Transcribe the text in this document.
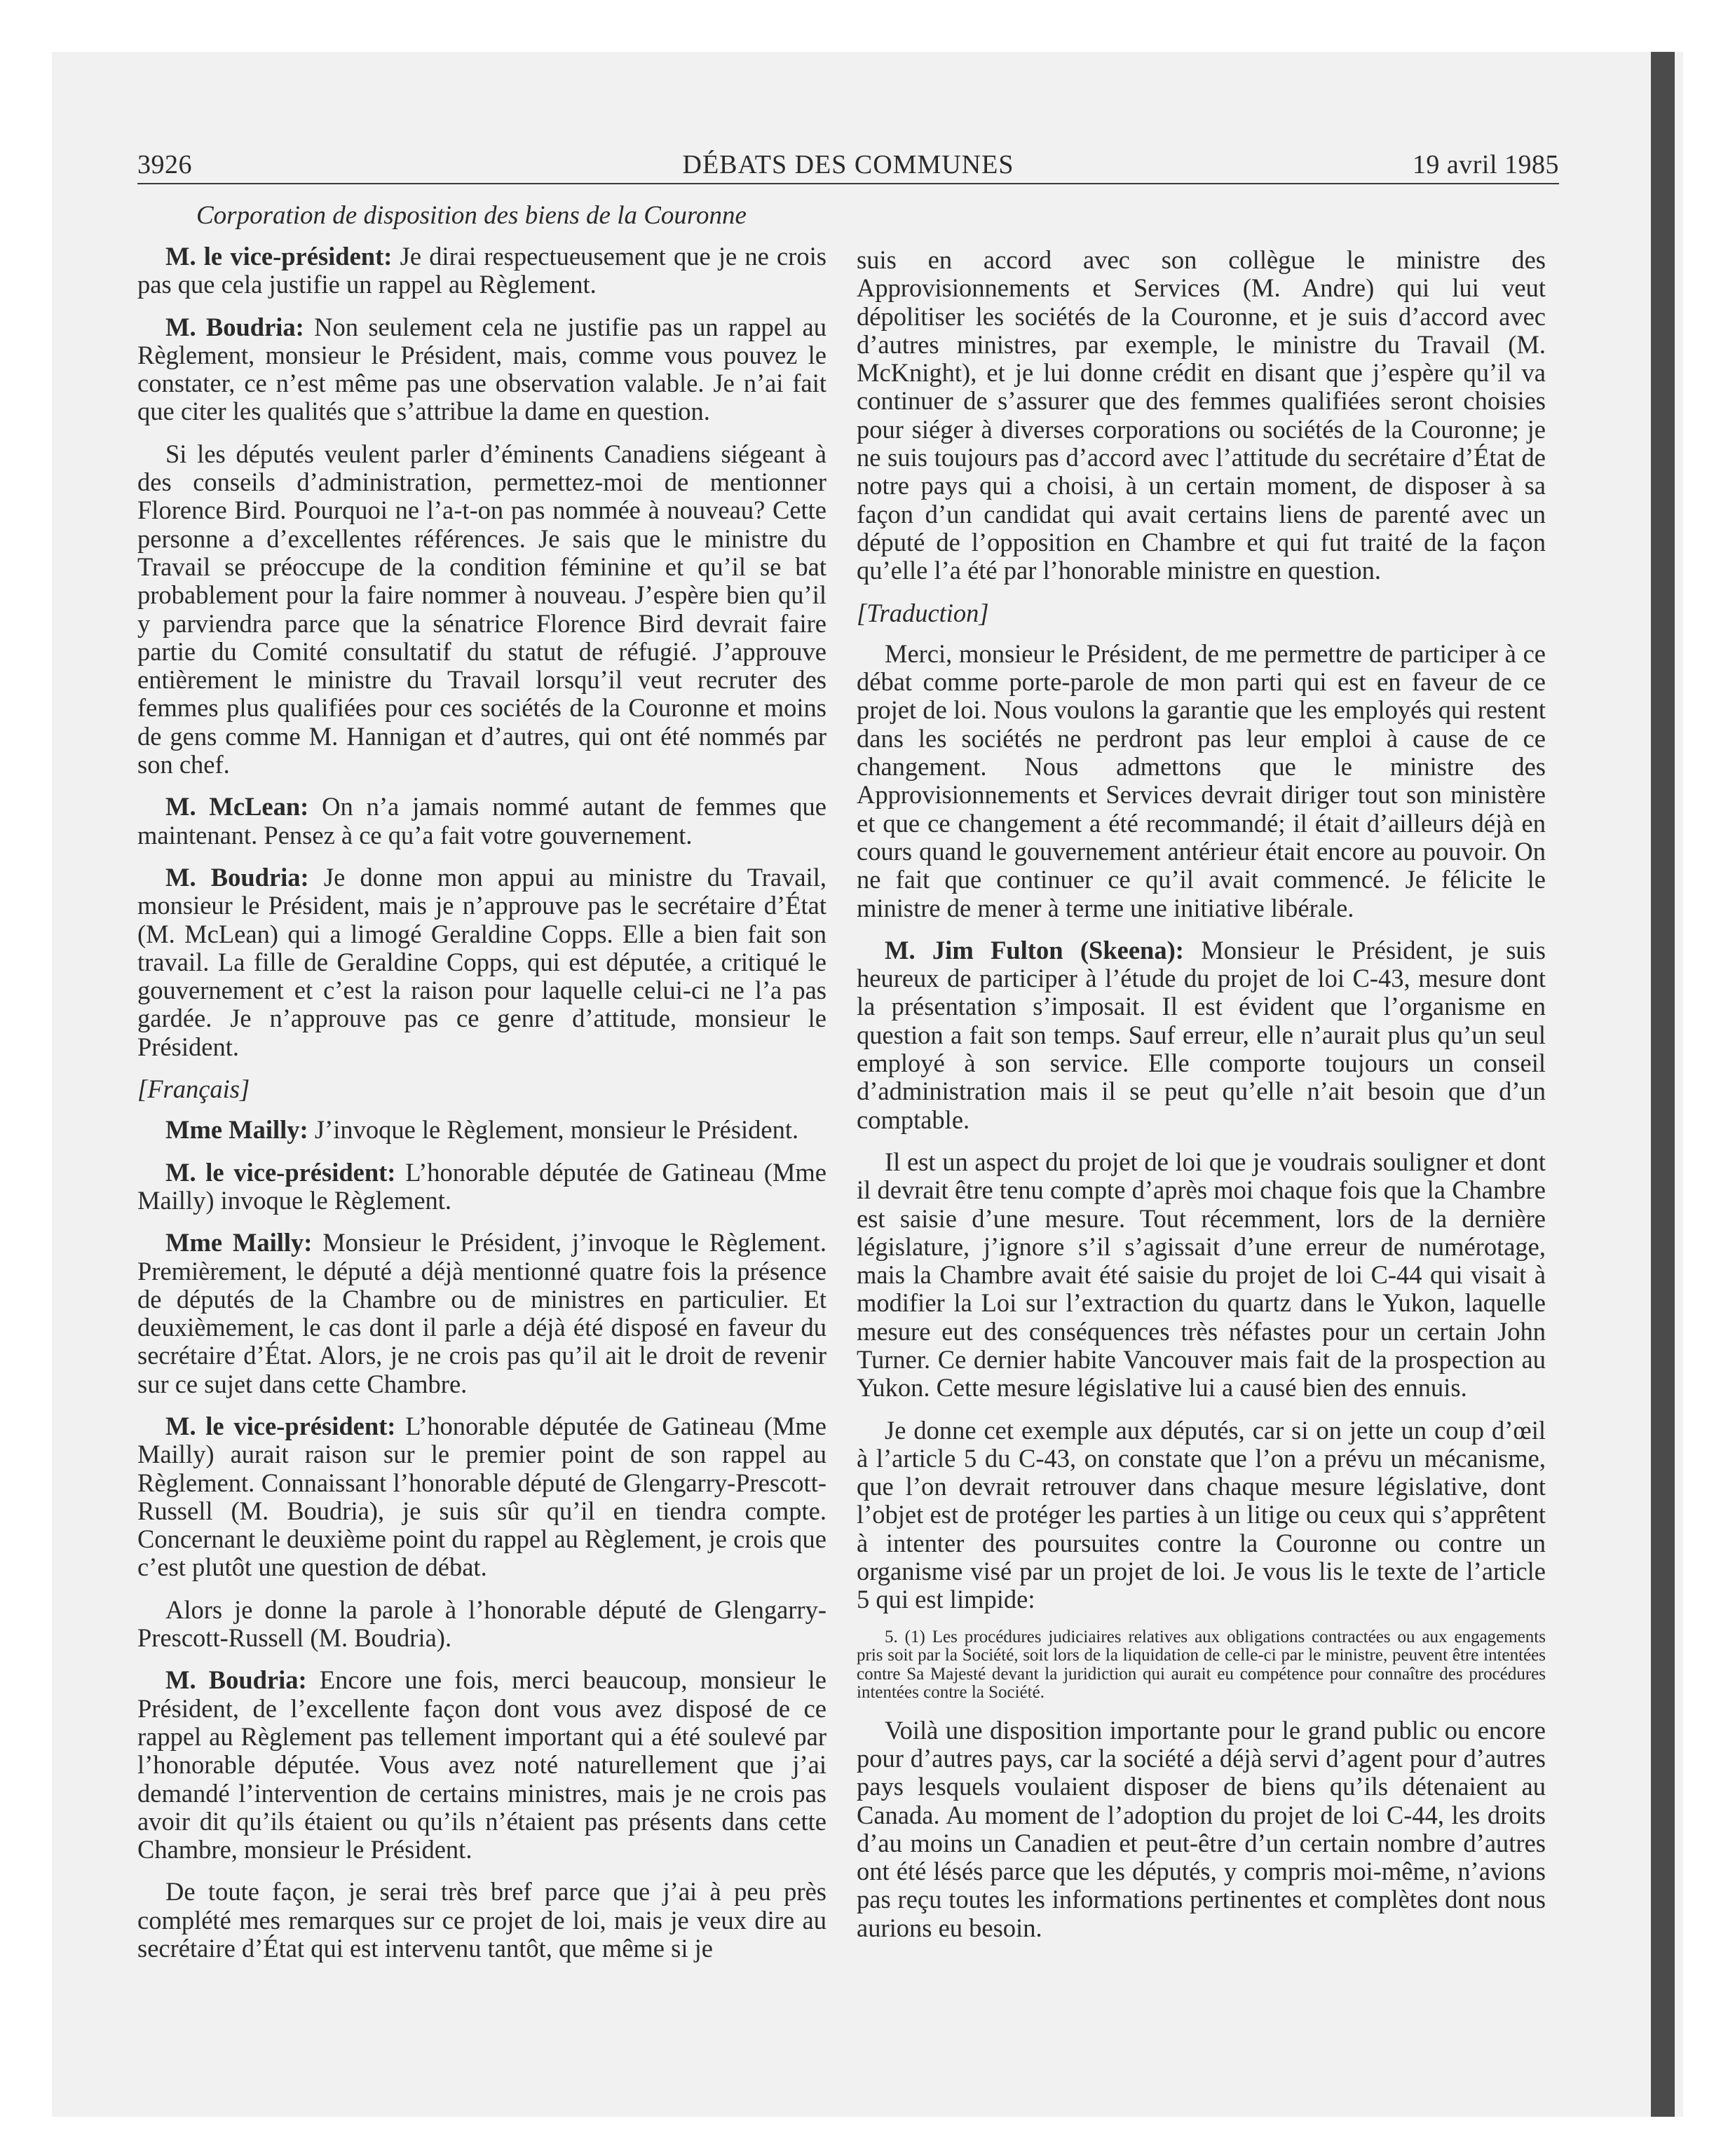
3926	DÉBATS DES COMMUNES	19 avril 1985
Corporation de disposition des biens de la Couronne

M. le vice-président: Je dirai respectueusement que je ne crois pas que cela justifie un rappel au Règlement.

M. Boudria: Non seulement cela ne justifie pas un rappel au Règlement, monsieur le Président, mais, comme vous pouvez le constater, ce n’est même pas une observation valable. Je n’ai fait que citer les qualités que s’attribue la dame en question.

Si les députés veulent parler d’éminents Canadiens siégeant à des conseils d’administration, permettez-moi de mentionner Florence Bird. Pourquoi ne l’a-t-on pas nommée à nouveau? Cette personne a d’excellentes références. Je sais que le ministre du Travail se préoccupe de la condition féminine et qu’il se bat probablement pour la faire nommer à nouveau. J’espère bien qu’il y parviendra parce que la sénatrice Florence Bird devrait faire partie du Comité consultatif du statut de réfugié. J’approuve entièrement le ministre du Travail lorsqu’il veut recruter des femmes plus qualifiées pour ces sociétés de la Couronne et moins de gens comme M. Hannigan et d’autres, qui ont été nommés par son chef.

M. McLean: On n’a jamais nommé autant de femmes que maintenant. Pensez à ce qu’a fait votre gouvernement.

M. Boudria: Je donne mon appui au ministre du Travail, monsieur le Président, mais je n’approuve pas le secrétaire d’État (M. McLean) qui a limogé Geraldine Copps. Elle a bien fait son travail. La fille de Geraldine Copps, qui est députée, a critiqué le gouvernement et c’est la raison pour laquelle celui-ci ne l’a pas gardée. Je n’approuve pas ce genre d’attitude, monsieur le Président.

[Français]

Mme Mailly: J’invoque le Règlement, monsieur le Président.

M. le vice-président: L’honorable députée de Gatineau (Mme Mailly) invoque le Règlement.

Mme Mailly: Monsieur le Président, j’invoque le Règlement. Premièrement, le député a déjà mentionné quatre fois la présence de députés de la Chambre ou de ministres en particulier. Et deuxièmement, le cas dont il parle a déjà été disposé en faveur du secrétaire d’État. Alors, je ne crois pas qu’il ait le droit de revenir sur ce sujet dans cette Chambre.

M. le vice-président: L’honorable députée de Gatineau (Mme Mailly) aurait raison sur le premier point de son rappel au Règlement. Connaissant l’honorable député de Glengarry-Prescott-Russell (M. Boudria), je suis sûr qu’il en tiendra compte. Concernant le deuxième point du rappel au Règlement, je crois que c’est plutôt une question de débat.

Alors je donne la parole à l’honorable député de Glengarry-Prescott-Russell (M. Boudria).

M. Boudria: Encore une fois, merci beaucoup, monsieur le Président, de l’excellente façon dont vous avez disposé de ce rappel au Règlement pas tellement important qui a été soulevé par l’honorable députée. Vous avez noté naturellement que j’ai demandé l’intervention de certains ministres, mais je ne crois pas avoir dit qu’ils étaient ou qu’ils n’étaient pas présents dans cette Chambre, monsieur le Président.

De toute façon, je serai très bref parce que j’ai à peu près complété mes remarques sur ce projet de loi, mais je veux dire au secrétaire d’État qui est intervenu tantôt, que même si je

suis en accord avec son collègue le ministre des Approvisionnements et Services (M. Andre) qui lui veut dépolitiser les sociétés de la Couronne, et je suis d’accord avec d’autres ministres, par exemple, le ministre du Travail (M. McKnight), et je lui donne crédit en disant que j’espère qu’il va continuer de s’assurer que des femmes qualifiées seront choisies pour siéger à diverses corporations ou sociétés de la Couronne; je ne suis toujours pas d’accord avec l’attitude du secrétaire d’État de notre pays qui a choisi, à un certain moment, de disposer à sa façon d’un candidat qui avait certains liens de parenté avec un député de l’opposition en Chambre et qui fut traité de la façon qu’elle l’a été par l’honorable ministre en question.

[Traduction]

Merci, monsieur le Président, de me permettre de participer à ce débat comme porte-parole de mon parti qui est en faveur de ce projet de loi. Nous voulons la garantie que les employés qui restent dans les sociétés ne perdront pas leur emploi à cause de ce changement. Nous admettons que le ministre des Approvisionnements et Services devrait diriger tout son ministère et que ce changement a été recommandé; il était d’ailleurs déjà en cours quand le gouvernement antérieur était encore au pouvoir. On ne fait que continuer ce qu’il avait commencé. Je félicite le ministre de mener à terme une initiative libérale.

M. Jim Fulton (Skeena): Monsieur le Président, je suis heureux de participer à l’étude du projet de loi C-43, mesure dont la présentation s’imposait. Il est évident que l’organisme en question a fait son temps. Sauf erreur, elle n’aurait plus qu’un seul employé à son service. Elle comporte toujours un conseil d’administration mais il se peut qu’elle n’ait besoin que d’un comptable.

Il est un aspect du projet de loi que je voudrais souligner et dont il devrait être tenu compte d’après moi chaque fois que la Chambre est saisie d’une mesure. Tout récemment, lors de la dernière législature, j’ignore s’il s’agissait d’une erreur de numérotage, mais la Chambre avait été saisie du projet de loi C-44 qui visait à modifier la Loi sur l’extraction du quartz dans le Yukon, laquelle mesure eut des conséquences très néfastes pour un certain John Turner. Ce dernier habite Vancouver mais fait de la prospection au Yukon. Cette mesure législative lui a causé bien des ennuis.

Je donne cet exemple aux députés, car si on jette un coup d’œil à l’article 5 du C-43, on constate que l’on a prévu un mécanisme, que l’on devrait retrouver dans chaque mesure législative, dont l’objet est de protéger les parties à un litige ou ceux qui s’apprêtent à intenter des poursuites contre la Couronne ou contre un organisme visé par un projet de loi. Je vous lis le texte de l’article 5 qui est limpide:

5. (1) Les procédures judiciaires relatives aux obligations contractées ou aux engagements pris soit par la Société, soit lors de la liquidation de celle-ci par le ministre, peuvent être intentées contre Sa Majesté devant la juridiction qui aurait eu compétence pour connaître des procédures intentées contre la Société.

Voilà une disposition importante pour le grand public ou encore pour d’autres pays, car la société a déjà servi d’agent pour d’autres pays lesquels voulaient disposer de biens qu’ils détenaient au Canada. Au moment de l’adoption du projet de loi C-44, les droits d’au moins un Canadien et peut-être d’un certain nombre d’autres ont été lésés parce que les députés, y compris moi-même, n’avions pas reçu toutes les informations pertinentes et complètes dont nous aurions eu besoin.
